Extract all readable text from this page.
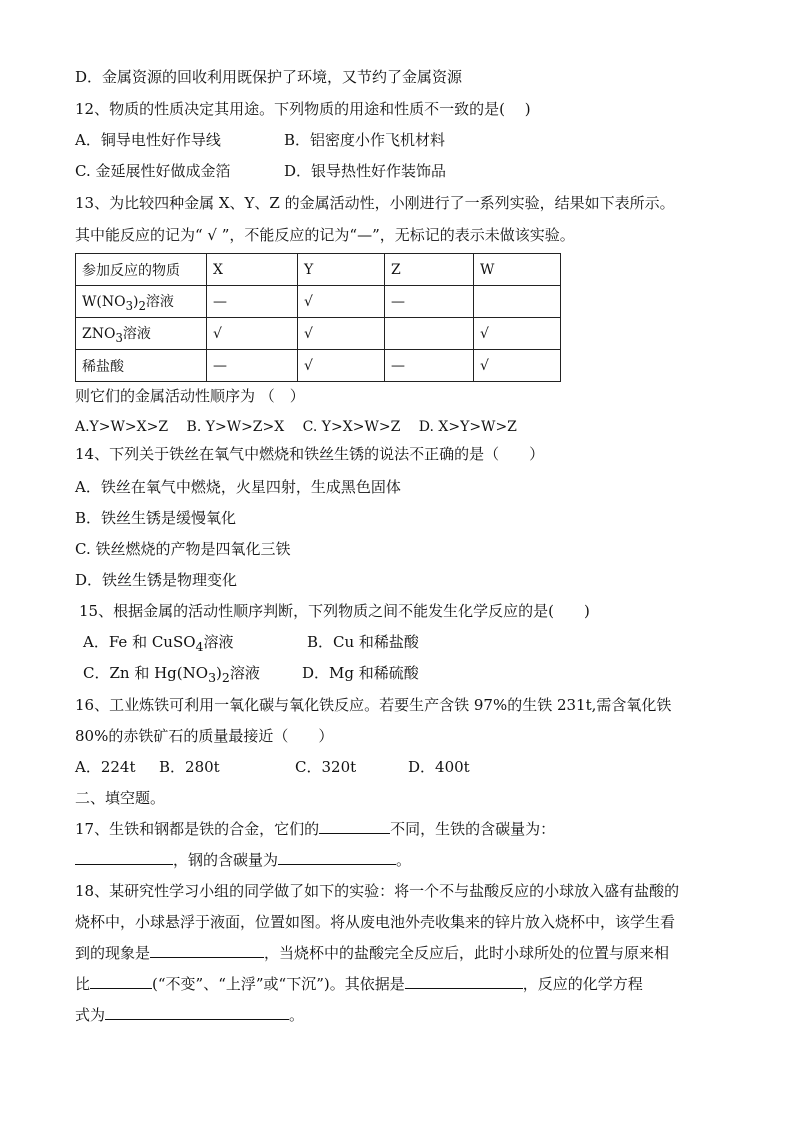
D．金属资源的回收利用既保护了环境，又节约了金属资源
12、物质的性质决定其用途。下列物质的用途和性质不一致的是(　 )
A．铜导电性好作导线	B．铝密度小作飞机材料
C. 金延展性好做成金箔	D．银导热性好作装饰品
13、为比较四种金属 X、Y、Z 的金属活动性，小刚进行了一系列实验，结果如下表所示。
其中能反应的记为“ √ ”，不能反应的记为“—”，无标记的表示未做该实验。
参加反应的物质	X	Y	Z	W
$W(NO_3)_2$溶液	—	√	—	
$ZNO_3$溶液	√	√		√
稀盐酸	—	√	—	√
则它们的金属活动性顺序为 （　）
A.Y>W>X>Z　 B. Y>W>Z>X　 C. Y>X>W>Z　 D. X>Y>W>Z
14、下列关于铁丝在氧气中燃烧和铁丝生锈的说法不正确的是（　　）
A．铁丝在氧气中燃烧，火星四射，生成黑色固体
B．铁丝生锈是缓慢氧化
C. 铁丝燃烧的产物是四氧化三铁
D．铁丝生锈是物理变化
15、根据金属的活动性顺序判断，下列物质之间不能发生化学反应的是(　　)
A．Fe 和 CuSO$_4$溶液	B．Cu 和稀盐酸
C．Zn 和 $Hg(NO_3)_2$溶液	D．Mg 和稀硫酸
16、工业炼铁可利用一氧化碳与氧化铁反应。若要生产含铁 97%的生铁 231t,需含氧化铁
80%的赤铁矿石的质量最接近（　　）
A．224t B．280t	C．320t	D．400t
二、填空题。
17、生铁和钢都是铁的合金，它们的	不同，生铁的含碳量为：
，钢的含碳量为	。
18、某研究性学习小组的同学做了如下的实验：将一个不与盐酸反应的小球放入盛有盐酸的
烧杯中，小球悬浮于液面，位置如图。将从废电池外壳收集来的锌片放入烧杯中，该学生看
到的现象是	，当烧杯中的盐酸完全反应后，此时小球所处的位置与原来相
比	(“不变”、“上浮”或“下沉”)。其依据是	，反应的化学方程
式为	。
